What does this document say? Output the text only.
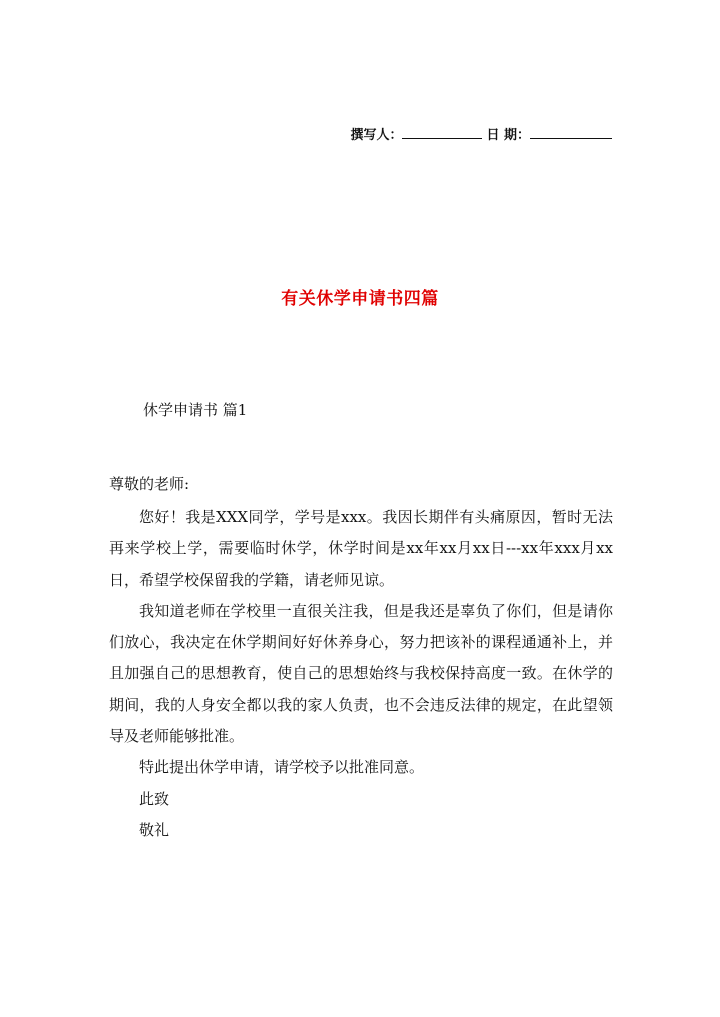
撰写人：	日 期：
有关休学申请书四篇
休学申请书 篇1
尊敬的老师:

您好！我是XXX同学，学号是xxx。我因长期伴有头痛原因，暂时无法再来学校上学，需要临时休学，休学时间是xx年xx月xx日---xx年xxx月xx日，希望学校保留我的学籍，请老师见谅。

我知道老师在学校里一直很关注我，但是我还是辜负了你们，但是请你们放心，我决定在休学期间好好休养身心，努力把该补的课程通通补上，并且加强自己的思想教育，使自己的思想始终与我校保持高度一致。在休学的期间，我的人身安全都以我的家人负责，也不会违反法律的规定，在此望领导及老师能够批准。

特此提出休学申请，请学校予以批准同意。

此致

敬礼
